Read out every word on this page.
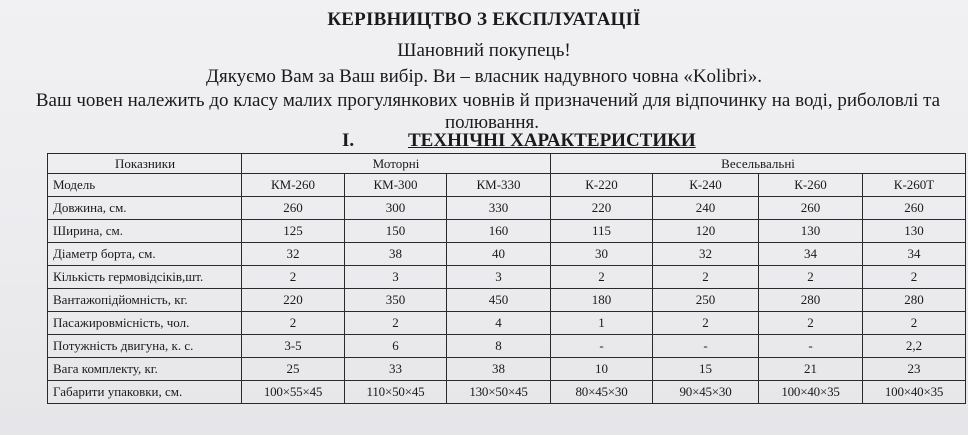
КЕРІВНИЦТВО З ЕКСПЛУАТАЦІЇ
Шановний покупець!
Дякуємо Вам за Ваш вибір. Ви – власник надувного човна «Kolibri».
Ваш човен належить до класу малих прогулянкових човнів й призначений для відпочинку на воді, риболовлі та
полювання.
I.	ТЕХНІЧНІ ХАРАКТЕРИСТИКИ
Показники	Моторні			Весельвальні			
Модель	КМ-260	КМ-300	КМ-330	К-220	К-240	К-260	К-260Т
Довжина, см.	260	300	330	220	240	260	260
Ширина, см.	125	150	160	115	120	130	130
Діаметр борта, см.	32	38	40	30	32	34	34
Кількість гермовідсіків,шт.	2	3	3	2	2	2	2
Вантажопідйомність, кг.	220	350	450	180	250	280	280
Пасажировмісність, чол.	2	2	4	1	2	2	2
Потужність двигуна, к. с.	3-5	6	8	-	-	-	2,2
Вага комплекту, кг.	25	33	38	10	15	21	23
Габарити упаковки, см.	100×55×45	110×50×45	130×50×45	80×45×30	90×45×30	100×40×35	100×40×35
